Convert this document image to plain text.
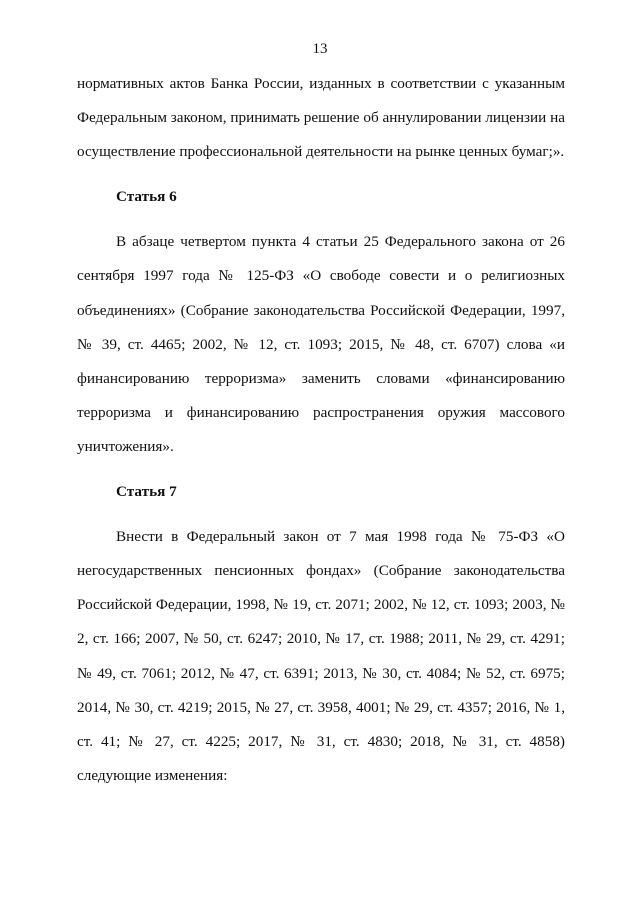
13

нормативных актов Банка России, изданных в соответствии с указанным Федеральным законом, принимать решение об аннулировании лицензии на осуществление профессиональной деятельности на рынке ценных бумаг;».

Статья 6

В абзаце четвертом пункта 4 статьи 25 Федерального закона от 26 сентября 1997 года № 125-ФЗ «О свободе совести и о религиозных объединениях» (Собрание законодательства Российской Федерации, 1997, № 39, ст. 4465; 2002, № 12, ст. 1093; 2015, № 48, ст. 6707) слова «и финансированию терроризма» заменить словами «финансированию терроризма и финансированию распространения оружия массового уничтожения».

Статья 7

Внести в Федеральный закон от 7 мая 1998 года № 75-ФЗ «О негосударственных пенсионных фондах» (Собрание законодательства Российской Федерации, 1998, № 19, ст. 2071; 2002, № 12, ст. 1093; 2003, № 2, ст. 166; 2007, № 50, ст. 6247; 2010, № 17, ст. 1988; 2011, № 29, ст. 4291; № 49, ст. 7061; 2012, № 47, ст. 6391; 2013, № 30, ст. 4084; № 52, ст. 6975; 2014, № 30, ст. 4219; 2015, № 27, ст. 3958, 4001; № 29, ст. 4357; 2016, № 1, ст. 41; № 27, ст. 4225; 2017, № 31, ст. 4830; 2018, № 31, ст. 4858) следующие изменения:
